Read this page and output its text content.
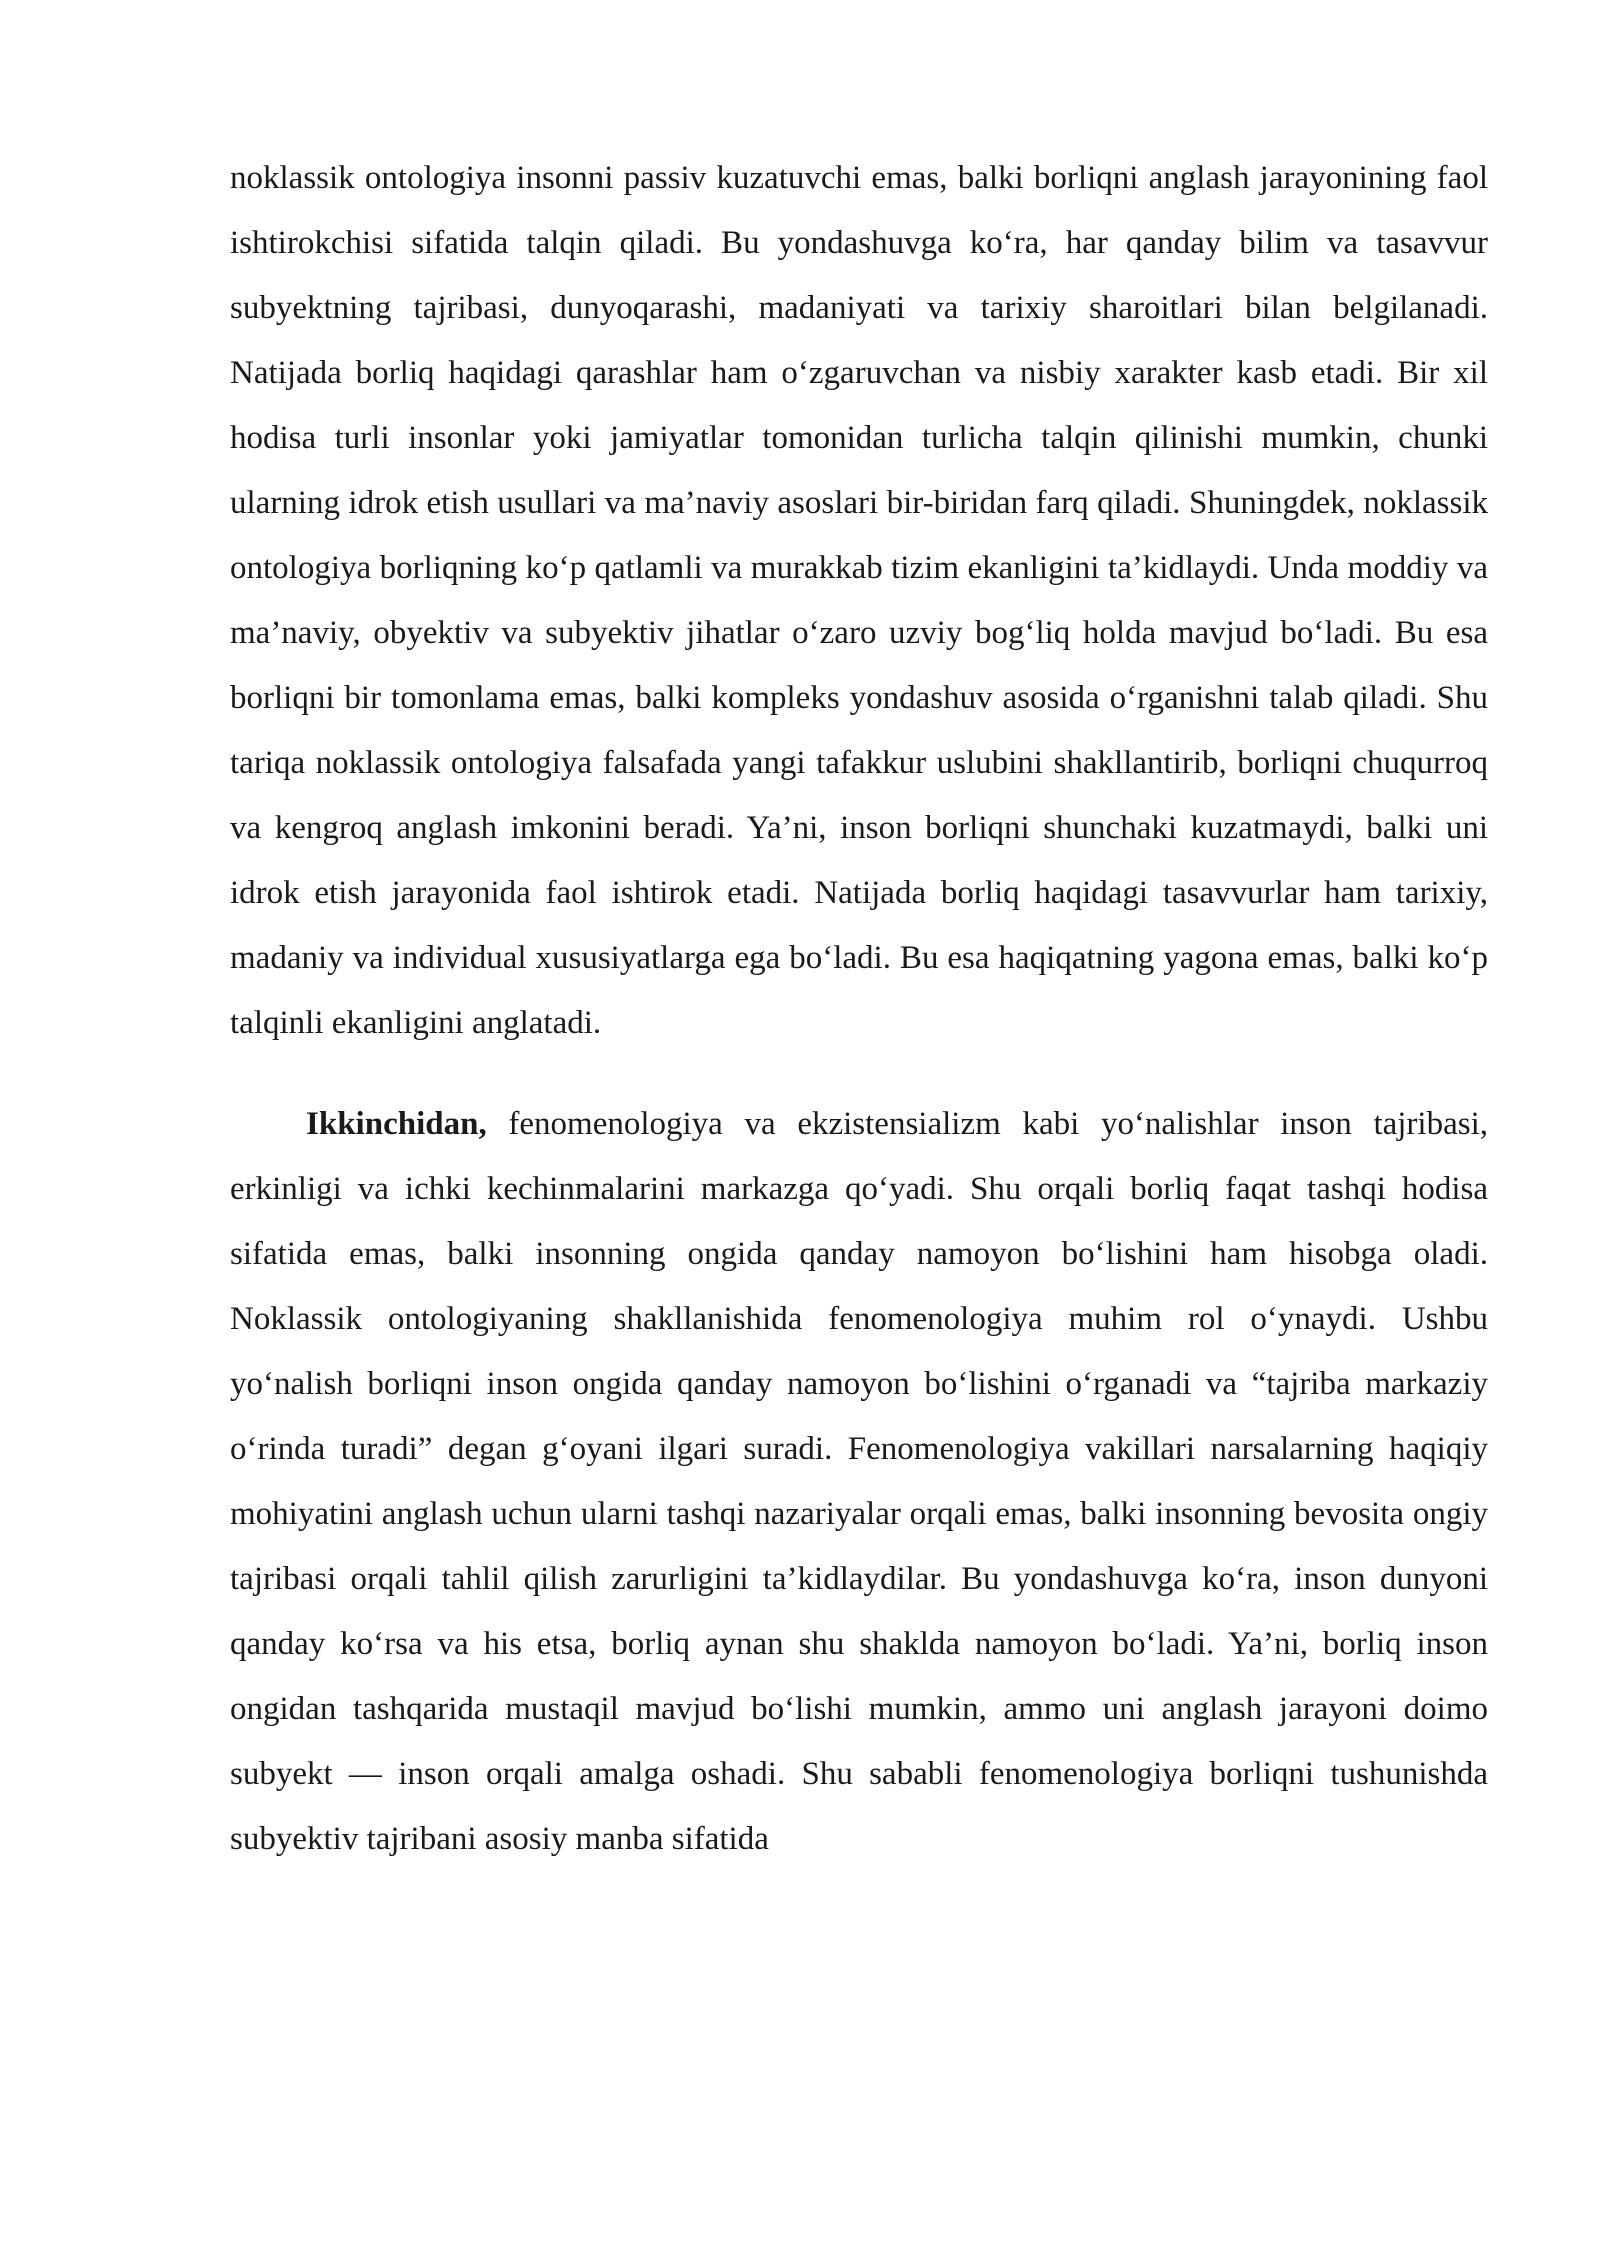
noklassik ontologiya insonni passiv kuzatuvchi emas, balki borliqni anglash jarayonining faol ishtirokchisi sifatida talqin qiladi. Bu yondashuvga ko‘ra, har qanday bilim va tasavvur subyektning tajribasi, dunyoqarashi, madaniyati va tarixiy sharoitlari bilan belgilanadi. Natijada borliq haqidagi qarashlar ham o‘zgaruvchan va nisbiy xarakter kasb etadi. Bir xil hodisa turli insonlar yoki jamiyatlar tomonidan turlicha talqin qilinishi mumkin, chunki ularning idrok etish usullari va ma’naviy asoslari bir-biridan farq qiladi. Shuningdek, noklassik ontologiya borliqning ko‘p qatlamli va murakkab tizim ekanligini ta’kidlaydi. Unda moddiy va ma’naviy, obyektiv va subyektiv jihatlar o‘zaro uzviy bog‘liq holda mavjud bo‘ladi. Bu esa borliqni bir tomonlama emas, balki kompleks yondashuv asosida o‘rganishni talab qiladi. Shu tariqa noklassik ontologiya falsafada yangi tafakkur uslubini shakllantirib, borliqni chuqurroq va kengroq anglash imkonini beradi. Ya’ni, inson borliqni shunchaki kuzatmaydi, balki uni idrok etish jarayonida faol ishtirok etadi. Natijada borliq haqidagi tasavvurlar ham tarixiy, madaniy va individual xususiyatlarga ega bo‘ladi. Bu esa haqiqatning yagona emas, balki ko‘p talqinli ekanligini anglatadi.

Ikkinchidan, fenomenologiya va ekzistensializm kabi yo‘nalishlar inson tajribasi, erkinligi va ichki kechinmalarini markazga qo‘yadi. Shu orqali borliq faqat tashqi hodisa sifatida emas, balki insonning ongida qanday namoyon bo‘lishini ham hisobga oladi. Noklassik ontologiyaning shakllanishida fenomenologiya muhim rol o‘ynaydi. Ushbu yo‘nalish borliqni inson ongida qanday namoyon bo‘lishini o‘rganadi va “tajriba markaziy o‘rinda turadi” degan g‘oyani ilgari suradi. Fenomenologiya vakillari narsalarning haqiqiy mohiyatini anglash uchun ularni tashqi nazariyalar orqali emas, balki insonning bevosita ongiy tajribasi orqali tahlil qilish zarurligini ta’kidlaydilar. Bu yondashuvga ko‘ra, inson dunyoni qanday ko‘rsa va his etsa, borliq aynan shu shaklda namoyon bo‘ladi. Ya’ni, borliq inson ongidan tashqarida mustaqil mavjud bo‘lishi mumkin, ammo uni anglash jarayoni doimo subyekt — inson orqali amalga oshadi. Shu sababli fenomenologiya borliqni tushunishda subyektiv tajribani asosiy manba sifatida
